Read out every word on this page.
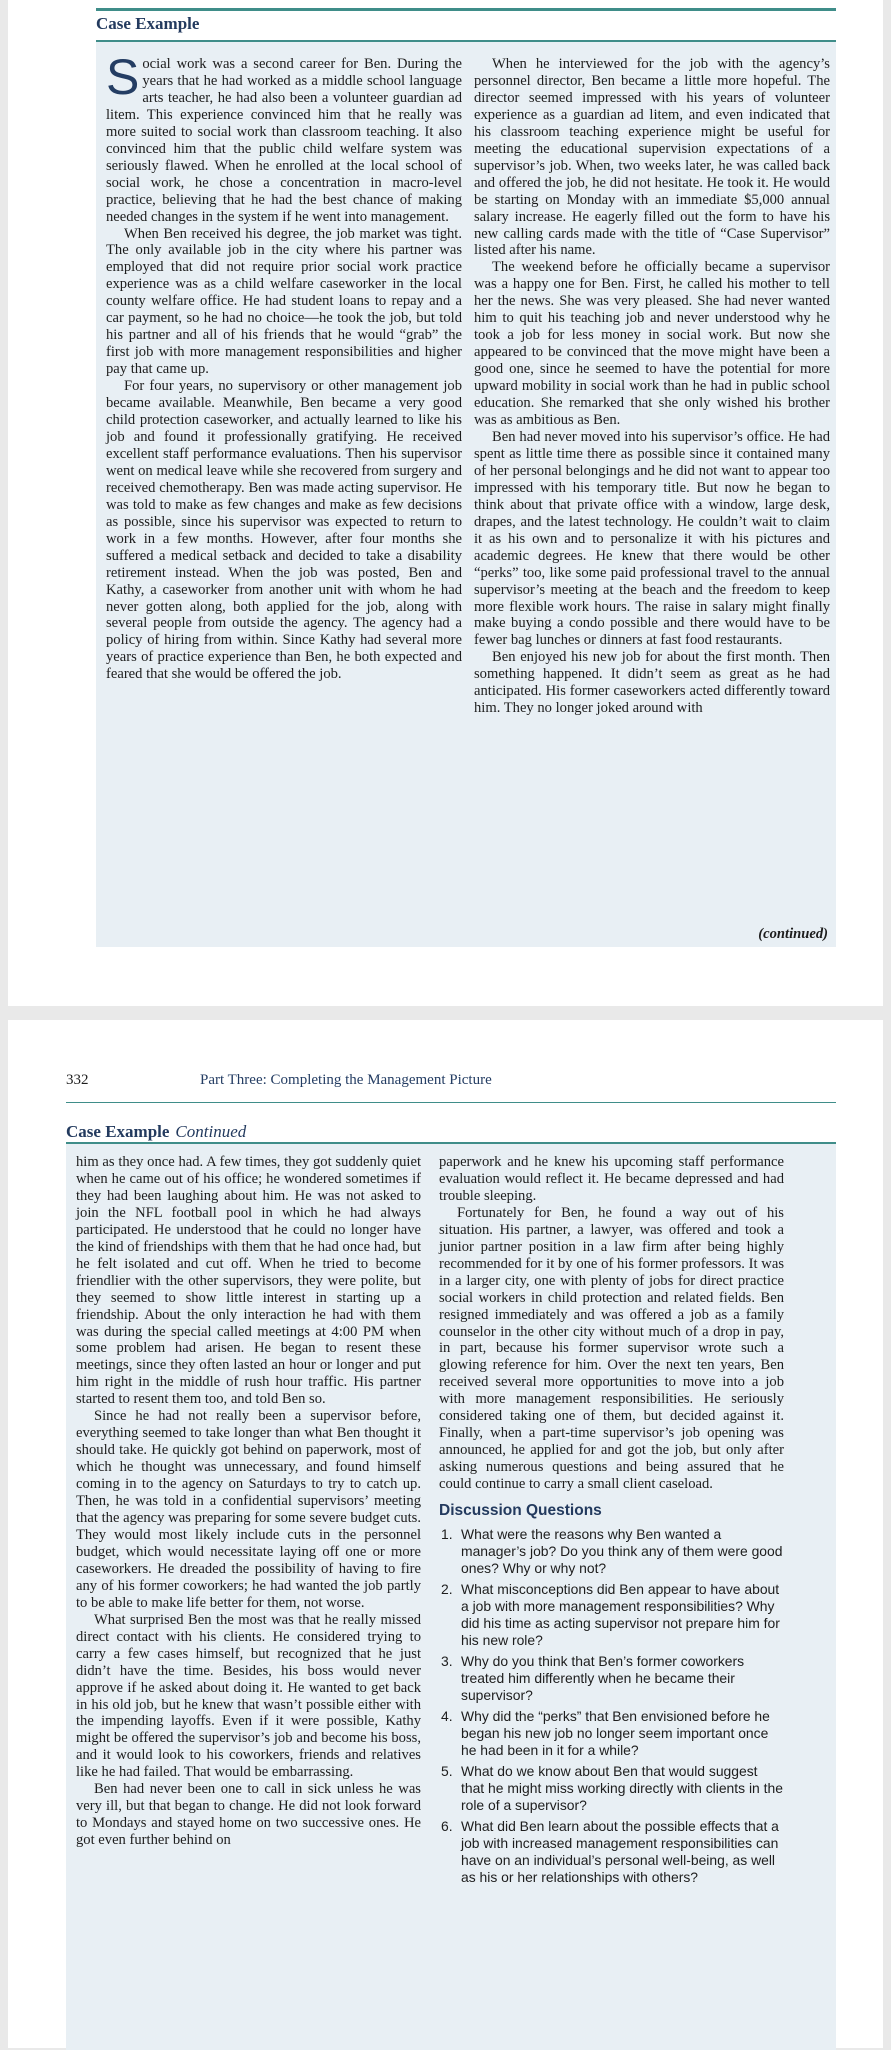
Case Example

Social work was a second career for Ben. During the years that he had worked as a middle school language arts teacher, he had also been a volunteer guardian ad litem. This experience convinced him that he really was more suited to social work than classroom teaching. It also convinced him that the public child welfare system was seriously flawed. When he enrolled at the local school of social work, he chose a concentration in macro-level practice, believing that he had the best chance of making needed changes in the system if he went into management.

When Ben received his degree, the job market was tight. The only available job in the city where his partner was employed that did not require prior social work practice experience was as a child welfare caseworker in the local county welfare office. He had student loans to repay and a car payment, so he had no choice—he took the job, but told his partner and all of his friends that he would “grab” the first job with more management responsibilities and higher pay that came up.

For four years, no supervisory or other management job became available. Meanwhile, Ben became a very good child protection caseworker, and actually learned to like his job and found it professionally gratifying. He received excellent staff performance evaluations. Then his supervisor went on medical leave while she recovered from surgery and received chemotherapy. Ben was made acting supervisor. He was told to make as few changes and make as few decisions as possible, since his supervisor was expected to return to work in a few months. However, after four months she suffered a medical setback and decided to take a disability retirement instead. When the job was posted, Ben and Kathy, a caseworker from another unit with whom he had never gotten along, both applied for the job, along with several people from outside the agency. The agency had a policy of hiring from within. Since Kathy had several more years of practice experience than Ben, he both expected and feared that she would be offered the job.

When he interviewed for the job with the agency’s personnel director, Ben became a little more hopeful. The director seemed impressed with his years of volunteer experience as a guardian ad litem, and even indicated that his classroom teaching experience might be useful for meeting the educational supervision expectations of a supervisor’s job. When, two weeks later, he was called back and offered the job, he did not hesitate. He took it. He would be starting on Monday with an immediate $5,000 annual salary increase. He eagerly filled out the form to have his new calling cards made with the title of “Case Supervisor” listed after his name.

The weekend before he officially became a supervisor was a happy one for Ben. First, he called his mother to tell her the news. She was very pleased. She had never wanted him to quit his teaching job and never understood why he took a job for less money in social work. But now she appeared to be convinced that the move might have been a good one, since he seemed to have the potential for more upward mobility in social work than he had in public school education. She remarked that she only wished his brother was as ambitious as Ben.

Ben had never moved into his supervisor’s office. He had spent as little time there as possible since it contained many of her personal belongings and he did not want to appear too impressed with his temporary title. But now he began to think about that private office with a window, large desk, drapes, and the latest technology. He couldn’t wait to claim it as his own and to personalize it with his pictures and academic degrees. He knew that there would be other “perks” too, like some paid professional travel to the annual supervisor’s meeting at the beach and the freedom to keep more flexible work hours. The raise in salary might finally make buying a condo possible and there would have to be fewer bag lunches or dinners at fast food restaurants.

Ben enjoyed his new job for about the first month. Then something happened. It didn’t seem as great as he had anticipated. His former caseworkers acted differently toward him. They no longer joked around with

(continued)
332	Part Three: Completing the Management Picture
Case Example Continued

him as they once had. A few times, they got suddenly quiet when he came out of his office; he wondered sometimes if they had been laughing about him. He was not asked to join the NFL football pool in which he had always participated. He understood that he could no longer have the kind of friendships with them that he had once had, but he felt isolated and cut off. When he tried to become friendlier with the other supervisors, they were polite, but they seemed to show little interest in starting up a friendship. About the only interaction he had with them was during the special called meetings at 4:00 PM when some problem had arisen. He began to resent these meetings, since they often lasted an hour or longer and put him right in the middle of rush hour traffic. His partner started to resent them too, and told Ben so.

Since he had not really been a supervisor before, everything seemed to take longer than what Ben thought it should take. He quickly got behind on paperwork, most of which he thought was unnecessary, and found himself coming in to the agency on Saturdays to try to catch up. Then, he was told in a confidential supervisors’ meeting that the agency was preparing for some severe budget cuts. They would most likely include cuts in the personnel budget, which would necessitate laying off one or more caseworkers. He dreaded the possibility of having to fire any of his former coworkers; he had wanted the job partly to be able to make life better for them, not worse.

What surprised Ben the most was that he really missed direct contact with his clients. He considered trying to carry a few cases himself, but recognized that he just didn’t have the time. Besides, his boss would never approve if he asked about doing it. He wanted to get back in his old job, but he knew that wasn’t possible either with the impending layoffs. Even if it were possible, Kathy might be offered the supervisor’s job and become his boss, and it would look to his coworkers, friends and relatives like he had failed. That would be embarrassing.

Ben had never been one to call in sick unless he was very ill, but that began to change. He did not look forward to Mondays and stayed home on two successive ones. He got even further behind on

paperwork and he knew his upcoming staff performance evaluation would reflect it. He became depressed and had trouble sleeping.

Fortunately for Ben, he found a way out of his situation. His partner, a lawyer, was offered and took a junior partner position in a law firm after being highly recommended for it by one of his former professors. It was in a larger city, one with plenty of jobs for direct practice social workers in child protection and related fields. Ben resigned immediately and was offered a job as a family counselor in the other city without much of a drop in pay, in part, because his former supervisor wrote such a glowing reference for him. Over the next ten years, Ben received several more opportunities to move into a job with more management responsibilities. He seriously considered taking one of them, but decided against it. Finally, when a part-time supervisor’s job opening was announced, he applied for and got the job, but only after asking numerous questions and being assured that he could continue to carry a small client caseload.

Discussion Questions
1. What were the reasons why Ben wanted a manager’s job? Do you think any of them were good ones? Why or why not?
2. What misconceptions did Ben appear to have about a job with more management responsibilities? Why did his time as acting supervisor not prepare him for his new role?
3. Why do you think that Ben’s former coworkers treated him differently when he became their supervisor?
4. Why did the “perks” that Ben envisioned before he began his new job no longer seem important once he had been in it for a while?
5. What do we know about Ben that would suggest that he might miss working directly with clients in the role of a supervisor?
6. What did Ben learn about the possible effects that a job with increased management responsibilities can have on an individual’s personal well-being, as well as his or her relationships with others?
